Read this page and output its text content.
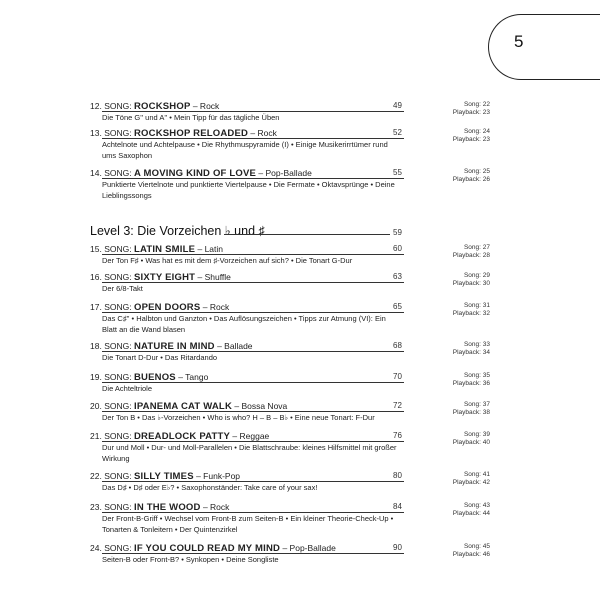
5
Level 3: Die Vorzeichen ♭ und ♯	59
12. SONG: ROCKSHOP – Rock	49
Die Töne G'' und A'' • Mein Tipp für das tägliche Üben
Song: 22
Playback: 23
13. SONG: ROCKSHOP RELOADED – Rock	52
Achtelnote und Achtelpause • Die Rhythmuspyramide (I) • Einige Musikerirrtümer rund ums Saxophon
Song: 24
Playback: 23
14. SONG: A MOVING KIND OF LOVE – Pop-Ballade	55
Punktierte Viertelnote und punktierte Viertelpause • Die Fermate • Oktavsprünge • Deine Lieblingssongs
Song: 25
Playback: 26
15. SONG: LATIN SMILE – Latin	60
Der Ton F♯ • Was hat es mit dem ♯-Vorzeichen auf sich? • Die Tonart G-Dur
Song: 27
Playback: 28
16. SONG: SIXTY EIGHT – Shuffle	63
Der 6/8-Takt
Song: 29
Playback: 30
17. SONG: OPEN DOORS – Rock	65
Das C♯'' • Halbton und Ganzton • Das Auflösungszeichen • Tipps zur Atmung (VI): Ein Blatt an die Wand blasen
Song: 31
Playback: 32
18. SONG: NATURE IN MIND – Ballade	68
Die Tonart D-Dur • Das Ritardando
Song: 33
Playback: 34
19. SONG: BUENOS – Tango	70
Die Achteltriole
Song: 35
Playback: 36
20. SONG: IPANEMA CAT WALK – Bossa Nova	72
Der Ton B • Das ♭-Vorzeichen • Who is who? H – B – B♭ • Eine neue Tonart: F-Dur
Song: 37
Playback: 38
21. SONG: DREADLOCK PATTY – Reggae	76
Dur und Moll • Dur- und Moll-Parallelen • Die Blattschraube: kleines Hilfsmittel mit großer Wirkung
Song: 39
Playback: 40
22. SONG: SILLY TIMES – Funk-Pop	80
Das D♯ • D♯ oder E♭? • Saxophonständer: Take care of your sax!
Song: 41
Playback: 42
23. SONG: IN THE WOOD – Rock	84
Der Front-B-Griff • Wechsel vom Front-B zum Seiten-B • Ein kleiner Theorie-Check-Up • Tonarten & Tonleitern • Der Quintenzirkel
Song: 43
Playback: 44
24. SONG: IF YOU COULD READ MY MIND – Pop-Ballade	90
Seiten-B oder Front-B? • Synkopen • Deine Songliste
Song: 45
Playback: 46
